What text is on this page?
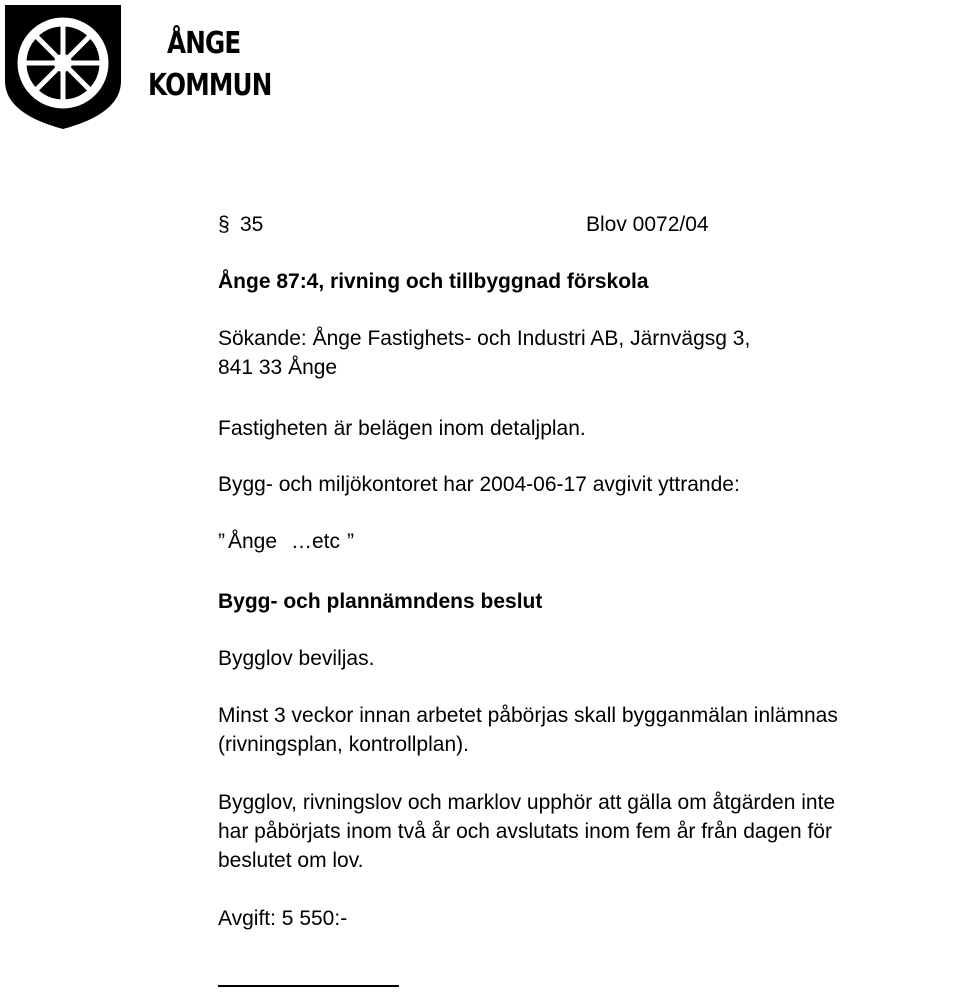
ÅNGE
KOMMUN
§ 35	Blov 0072/04
Ånge 87:4, rivning och tillbyggnad förskola
Sökande: Ånge Fastighets- och Industri AB, Järnvägsg 3,
841 33 Ånge
Fastigheten är belägen inom detaljplan.
Bygg- och miljökontoret har 2004-06-17 avgivit yttrande:
” Ånge … etc ”
Bygg- och plannämndens beslut
Bygglov beviljas.
Minst 3 veckor innan arbetet påbörjas skall bygganmälan inlämnas
(rivningsplan, kontrollplan).
Bygglov, rivningslov och marklov upphör att gälla om åtgärden inte
har påbörjats inom två år och avslutats inom fem år från dagen för
beslutet om lov.
Avgift: 5 550:-
